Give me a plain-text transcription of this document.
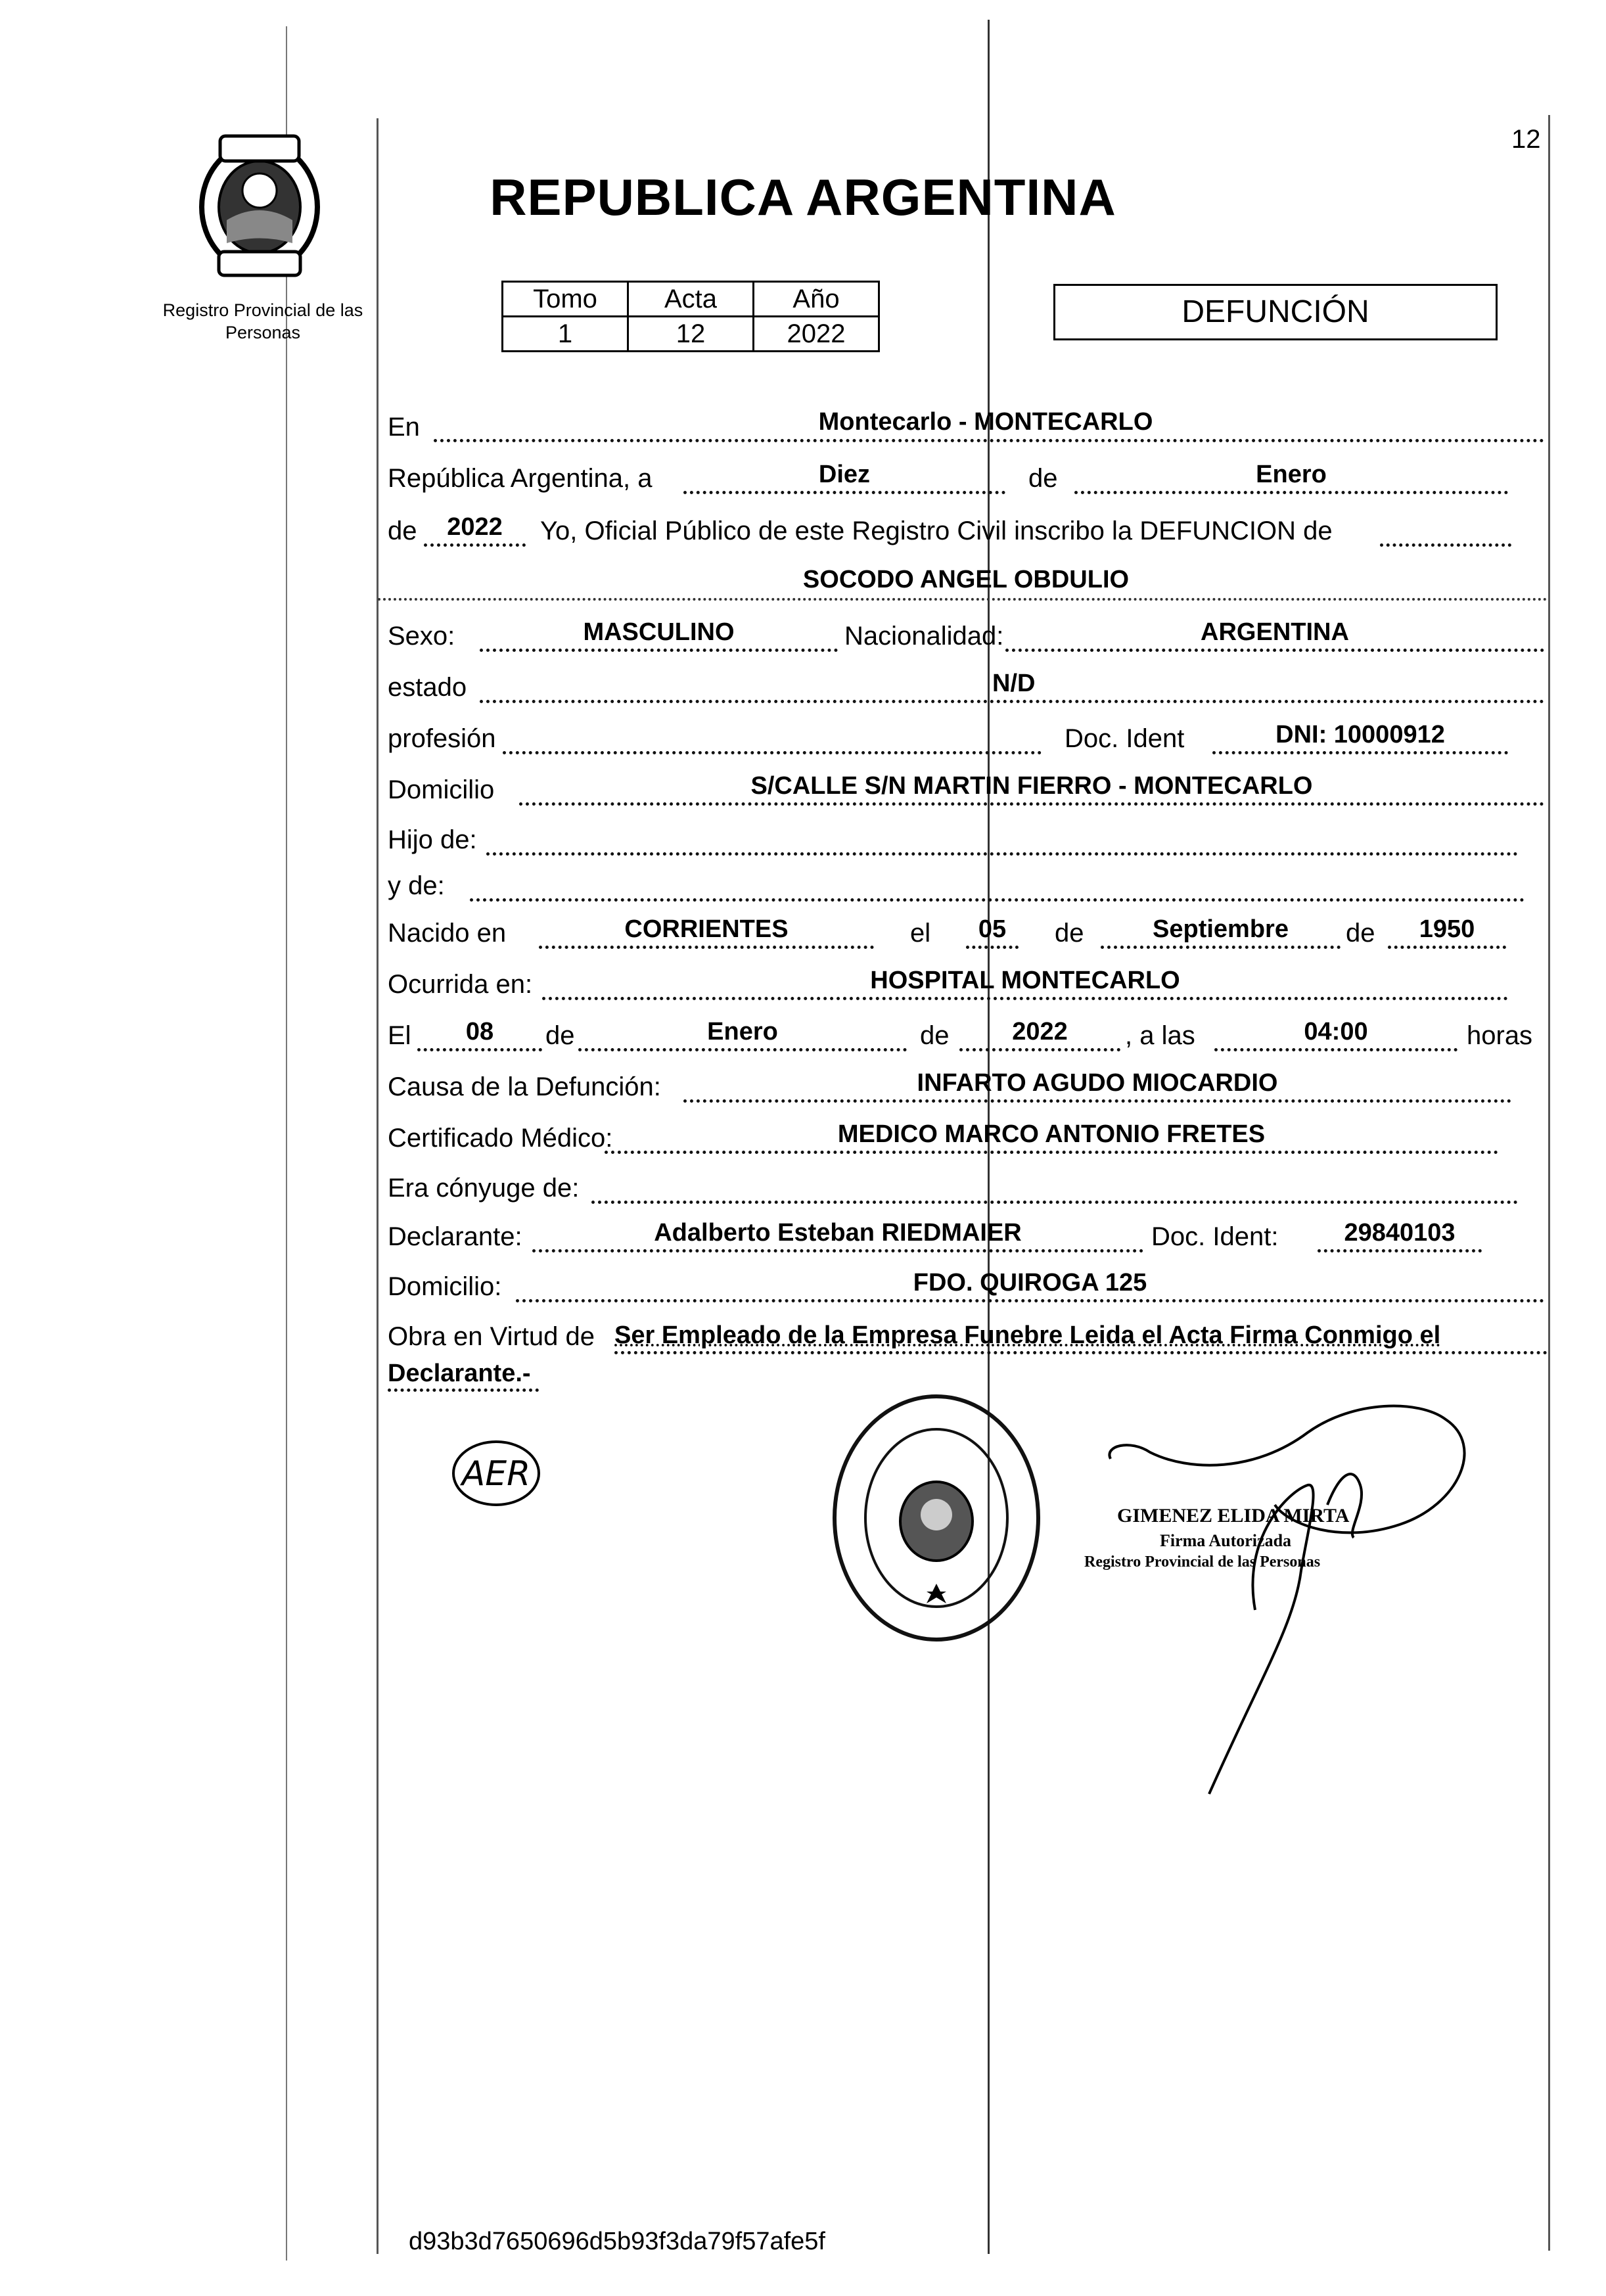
Registro Provincial de las Personas
12
REPUBLICA ARGENTINA
Tomo	Acta	Año
1	12	2022
DEFUNCIÓN
En	Montecarlo - MONTECARLO
República Argentina, a	Diez	de	Enero
de	2022	Yo, Oficial Público de este Registro Civil inscribo la DEFUNCION de
SOCODO ANGEL OBDULIO
Sexo:	MASCULINO	Nacionalidad:	ARGENTINA
estado	N/D
profesión	Doc. Ident	DNI: 10000912
Domicilio	S/CALLE S/N MARTIN FIERRO - MONTECARLO
Hijo de:
y de:
Nacido en	CORRIENTES	el	05	de	Septiembre	de	1950
Ocurrida en:	HOSPITAL MONTECARLO
El	08	de	Enero	de	2022	, a las	04:00	horas
Causa de la Defunción:	INFARTO AGUDO MIOCARDIO
Certificado Médico:	MEDICO MARCO ANTONIO FRETES
Era cónyuge de:
Declarante:	Adalberto Esteban RIEDMAIER	Doc. Ident:	29840103
Domicilio:	FDO. QUIROGA 125
Obra en Virtud de Ser Empleado de la Empresa Funebre Leida el Acta Firma Conmigo el
Declarante.-
AER
GIMENEZ ELIDA MIRTA
Firma Autorizada
Registro Provincial de las Personas
d93b3d7650696d5b93f3da79f57afe5f
